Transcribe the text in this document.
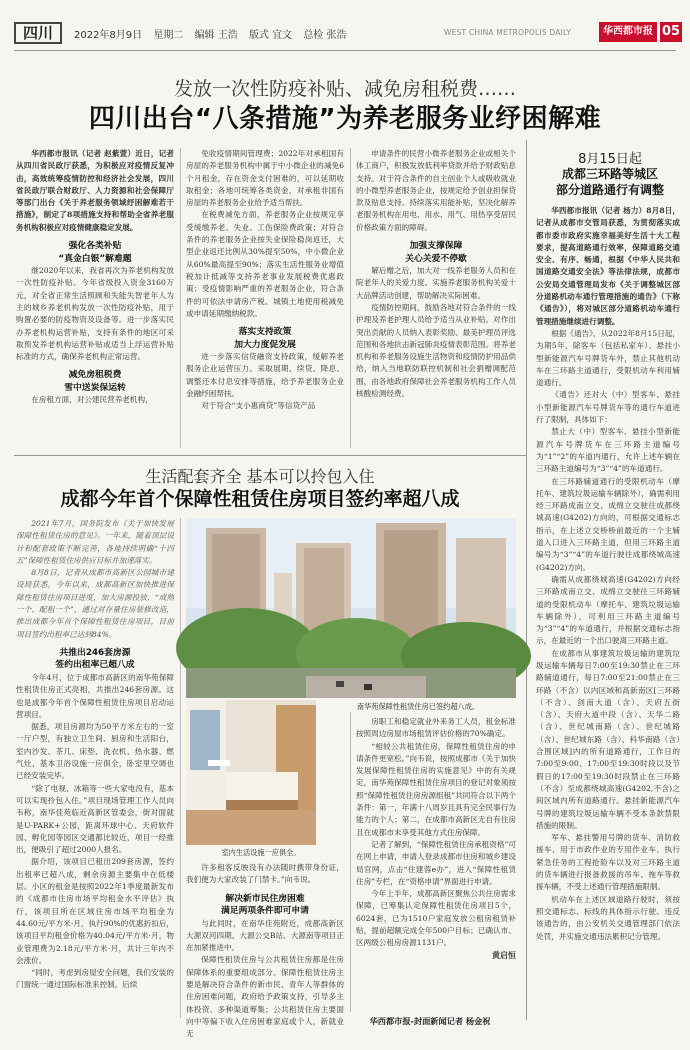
四川	2022年8月9日 星期二 编辑 王浩 版式 宜文 总检 张浩	WEST CHINA METROPOLIS DAILY	华西都市报 05
发放一次性防疫补贴、减免房租税费……
四川出台“八条措施”为养老服务业纾困解难

华西都市报讯（记者 赵紫萱）近日，记者从四川省民政厅获悉，为积极应对疫情反复冲击，高效统筹疫情防控和经济社会发展，四川省民政厅联合财政厅、人力资源和社会保障厅等部门出台《关于养老服务领域纾困解难若干措施》，制定了8项措施支持和帮助全省养老服务机构积极应对疫情健康稳定发展。

强化各类补贴
“真金白银”解难题

继2020年以来，我省再次为养老机构发放一次性防疫补贴。今年省级投入资金3160万元，对全省正常生活照顾和失能失智老年人为主的城乡养老机构发放一次性防疫补贴，用于购置必要的防疫物资及设备等。进一步落实民办养老机构运营补贴，支持有条件的地区可采取预发养老机构运营补贴或适当上浮运营补贴标准的方式，确保养老机构正常运营。

减免房租税费
雪中送炭保运转

在房租方面，对公建民营养老机构，

免收疫情期间管理费；2022年对承租国有房屋的养老服务机构中属于中小微企业的减免6个月租金，存在资金支付困难的，可以延期收取租金；各地可统筹各类资金，对承租非国有房屋的养老服务企业给予适当帮扶。

在税费减免方面，养老服务企业按规定享受缓缴养老、失业、工伤保险费政策；对符合条件的养老服务企业按失业保险稳岗返还，大型企业返还比例从30%提至50%，中小微企业从60%最高提至90%；落实生活性服务业增值税加计抵减等支持养老事业发展税费优惠政策；受疫情影响严重的养老服务企业，符合条件的可依法申请房产税、城镇土地使用税减免或申请延期缴纳税款。

落实支持政策
加大力度促发展

进一步落实信贷融资支持政策，缓解养老服务企业运营压力。采取展期、续贷、降息、调整还本付息安排等措施，给予养老服务企业金融纾困帮扶。

对于符合“支小惠商贷”等信贷产品

申请条件的民营小微养老服务企业或相关个体工商户，积极发放低利率贷款并给予财政贴息支持。对于符合条件的自主创业个人或吸收就业的小微型养老服务企业，按规定给予创业担保贷款及贴息支持。持续落实用能补贴，坚决化解养老服务机构在用电、用水、用气、用热享受居民价格政策方面的障碍。

加强支撑保障
关心关爱不停歇

解后赠之后，加大对一线养老服务人员和在院老年人的关爱力度。实施养老服务机构关爱十大品牌活动创建，帮助解决实际困难。

疫情防控期间，鼓励各地对符合条件的一线护理及养老护理人员给予适当从业补贴。对作出突出贡献的人员纳入表彰奖励、最美护理员评选范围和各地抗击新冠肺炎疫情表彰范围。将养老机构和养老服务设施生活物资和疫情防护用品供给，纳入当地联防联控机制和社会捐赠调配范围，由各地政府保障社会养老服务机构工作人员核酸检测经费。

8月15日起
成都三环路等城区
部分道路通行有调整

华西都市报讯（记者 杨力）8月8日，记者从成都市交管局获悉，为贯彻落实成都市委市政府实施幸福美好生活十大工程要求，提高道路通行效率，保障道路交通安全、有序、畅通，根据《中华人民共和国道路交通安全法》等法律法规，成都市公安局交通管理局发布《关于调整城区部分道路机动车通行管理措施的通告》（下称《通告》），将对城区部分道路机动车通行管理措施继续进行调整。

根据《通告》，从2022年8月15日起，为期5年，除客车（包括私家车）、悬挂小型新能源汽车号牌货车外，禁止其他机动车在三环路主道通行，受限机动车利用辅道通行。

《通告》还对大（中）型客车、悬挂小型新能源汽车号牌货车等的通行车道进行了限制，具体如下：

禁止大（中）型客车、悬挂小型新能源汽车号牌货车在三环路主道编号为“1”“2”的车道内通行，允许上述车辆在三环路主道编号为“3”“4”的车道通行。

在三环路辅道通行的受限机动车（摩托车、建筑垃圾运输车辆除外），确需利用经三环路成南立交、成绵立交驶往成都绕城高速(G4202)方向的，可根据交通标志指示，在上述立交桥桥前最近的一个主辅道入口进入三环路主道，但用三环路主道编号为“3”“4”的车道行驶往成都绕城高速(G4202)方向。

确需从成都绕城高速(G4202)方向经三环路成南立交、成绵立交驶往三环路辅道的受限机动车（摩托车、建筑垃圾运输车辆除外），可利用三环路主道编号为“3”“4”的车道通行，并根据交通标志指示，在最近的一个出口驶离三环路主道。

在成都市从事建筑垃圾运输的建筑垃圾运输车辆每日7:00至19:30禁止在三环路辅道通行，每日7:00至21:00禁止在三环路（不含）以内区域和高新南区[三环路（不含）、剑南大道（含）、天府五街（含）、天府大道中段（含）、天华二路（含）、世纪城南路（含）、世纪城路（含）、世纪城东路（含）、科华南路（含）合围区域]内的所有道路通行，工作日的7:00至9:00、17:00至19:30时段以及节假日的17:00至19:30时段禁止在三环路（不含）至成都绕城高速(G4202,不含)之间区域内所有道路通行。悬挂新能源汽车号牌的建筑垃圾运输车辆不受本条款禁限措施的限制。

军车、悬挂警用号牌的货车、消防救援车、用于市政作业的专用作业车、执行紧急任务的工程抢险车以及对三环路主道的货车辆进行报备救援的吊车、拖车等救援车辆，不受上述通行管理措施限制。

机动车在上述区域道路行驶时，须按照交通标志、标线的具体指示行驶。违反该通告的，由公安机关交通管理部门依法处罚，并实施交通违法累积记分管理。

生活配套齐全 基本可以拎包入住
成都今年首个保障性租赁住房项目签约率超八成

2021年7月，国务院发布《关于加快发展保障性租赁住房的意见》。一年来，随着顶层设计和配套政策不断完善，各地持续明确“十四五”保障性租赁住房供应目标并加速落实。

8月8日，记者从成都市高新区公园城市建设局获悉，今年以来，成都高新区加快推进保障性租赁住房项目进度，加大房源投放，“成熟一个、配租一个”，通过对存量住房装修改造，推出成都今年首个保障性租赁住房项目，目前项目签约出租率已达到84%。

共推出246套房源
签约出租率已超八成

今年4月，位于成都市高新区的南华苑保障性租赁住房正式亮相，共推出246套房源。这也是成都今年首个保障性租赁住房项目启动运营项目。

据悉，项目房源均为50平方米左右的一室一厅户型，有独立卫生间、厨房和生活阳台，室内沙发、茶几、床垫、洗衣机、热水器、燃气灶、基本卫浴设施一应俱全，卧室里空调也已经安装完毕。

“除了电视、冰箱等一些大家电没有，基本可以实现拎包入住。”项目现场管理工作人员向韦称，南华佳苑临近高新区管委会，街对面就是U-PARK+公园，距离环球中心、天府软件园、孵化园等园区交通都比较近，项目一经推出，便吸引了超过2000人报名。

据介绍，该项目已租出209套房源，签约出租率已超八成，剩余房源主要集中在低楼层。小区的租金是按照2022年1季度最新发布的《成都市住房市场平均租金水平评估》执行，该项目所在区域住房市场平均租金为44.60元/平方米·月，执行90%的优惠折扣后，该项目平均租金价格为40.04元/平方米·月，物业管理费为2.18元/平方米·月，共计三年内不会涨价。

“同时，考虑到房屋安全问题，我们安装的门窗统一通过国际标准来控制。后续

南华苑保障性租赁住房已签约超八成。
室内生活设施一应俱全。

许多租客反映没有办法随时携带身份证，我们便为大家改装了门禁卡。”向韦说。

解决新市民住房困难
满足两项条件即可申请

与此同时，在南华佳苑附近，成都高新区大源双河四期、大源公交B站、大源南等项目正在加紧推进中。

保障性租赁住房与公共租赁住房都是住房保障体系的重要组成部分。保障性租赁住房主要是解决符合条件的新市民、青年人等群体的住房困难问题，政府给予政策支持，引导多主体投资、多种渠道筹集；公共租赁住房主要面向中等偏下收入住房困难家庭或个人，新就业无

房职工和稳定就业外来务工人员，租金标准按照周边房屋市场租赁评估价格的70%确定。

“相较公共租赁住房，保障性租赁住房的申请条件更宽松。”向韦说，按照成都市《关于加快发展保障性租赁住房的实施意见》中的有关规定，南华苑保障性租赁住房项目的登记对象须按照“保障性租赁住房房源组租”共同符合以下两个条件：第一，年满十八周岁且具有完全民事行为能力的个人；第二，在成都市高新区无自有住房且在成都市未享受其他方式住房保障。

记者了解到，“保障性租赁住房承租资格”可在网上申请，申请人登录成都市住房和城乡建设局官网，点击“住建蓉e办”，进入“保障性租赁住房”专栏，在“资格申请”界面进行申请。

今年上半年，成都高新区聚焦公共住房需求保障，已筹集认定保障性租赁住房项目5个，6024套，已为1510户家庭发放公租房租赁补贴，提前超额完成全年500户目标；已确认市、区两级公租房房源1131户。

黄启恒

华西都市报-封面新闻记者 杨金祝
